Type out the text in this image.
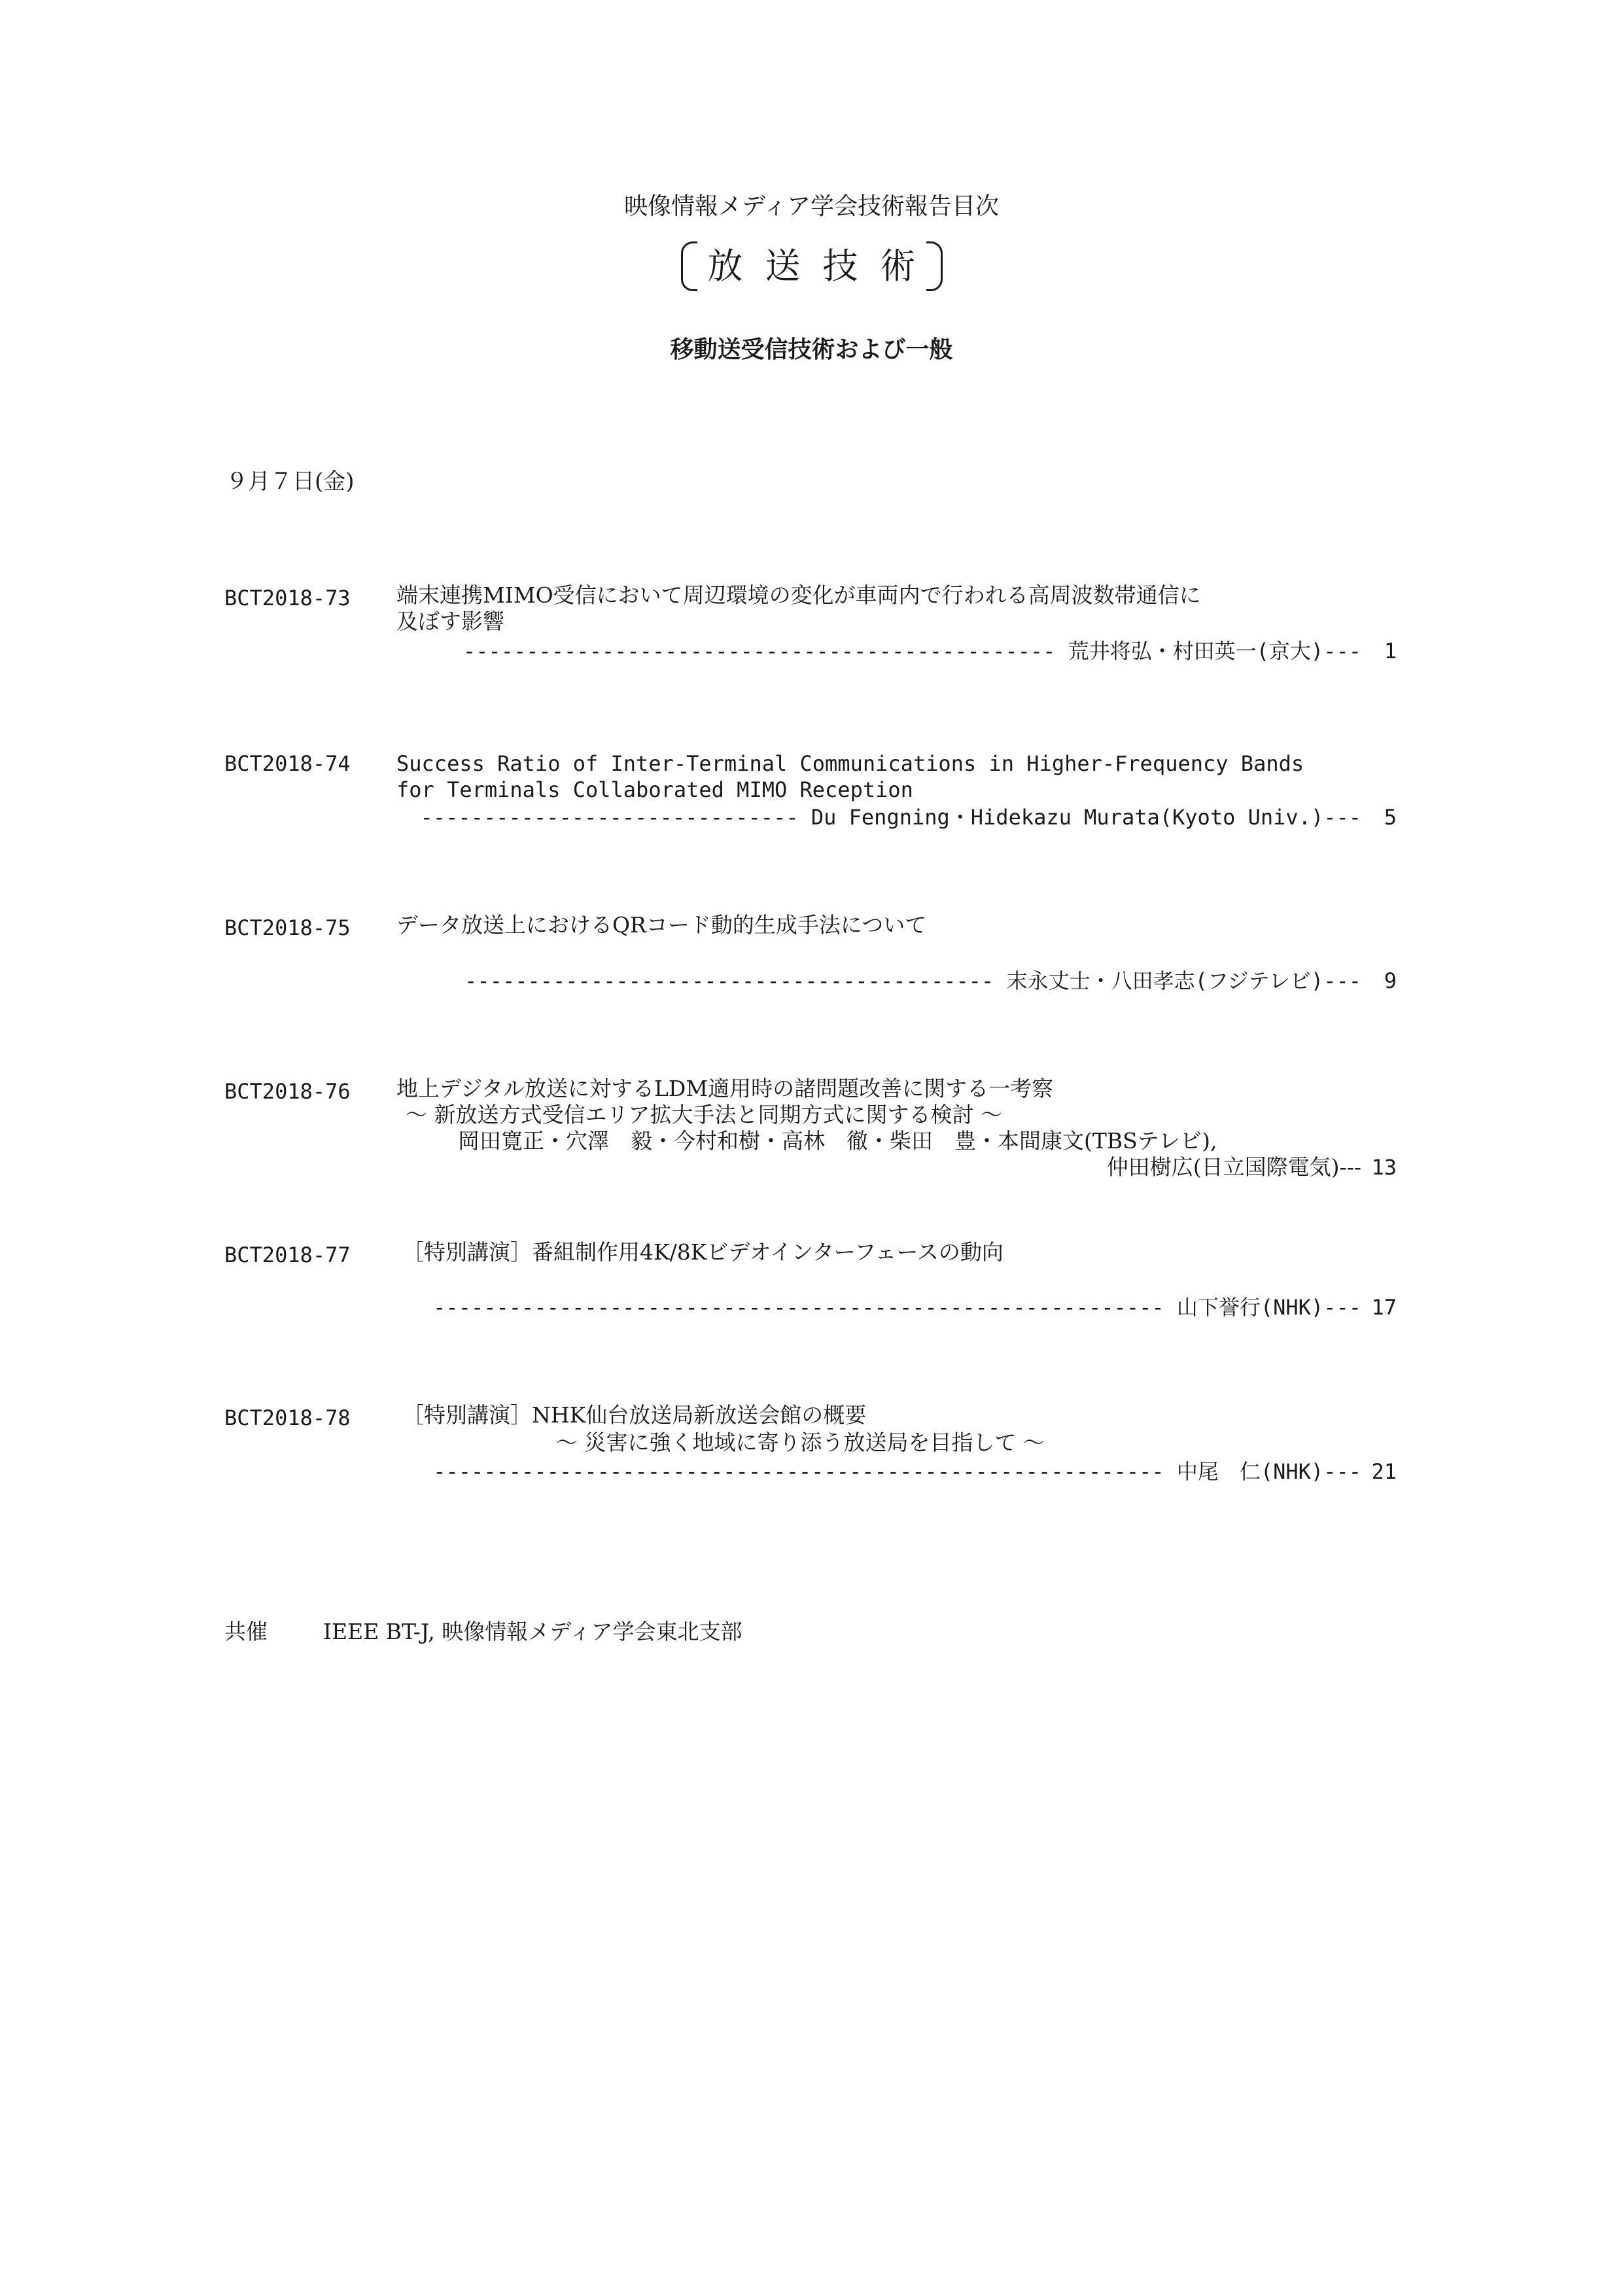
映像情報メディア学会技術報告目次
放送技術
移動送受信技術および一般
９月７日(金)
BCT2018-73 端末連携MIMO受信において周辺環境の変化が車両内で行われる高周波数帯通信に
及ぼす影響
----------------------------------------------- 荒井将弘・村田英一(京大)---	1
BCT2018-74 Success Ratio of Inter-Terminal Communications in Higher-Frequency Bands
for Terminals Collaborated MIMO Reception
------------------------------ Du Fengning・Hidekazu Murata(Kyoto Univ.)---	5
BCT2018-75 データ放送上におけるQRコード動的生成手法について
------------------------------------------ 末永丈士・八田孝志(フジテレビ)---	9
BCT2018-76 地上デジタル放送に対するLDM適用時の諸問題改善に関する一考察
～ 新放送方式受信エリア拡大手法と同期方式に関する検討 ～
岡田寛正・穴澤　毅・今村和樹・高林　徹・柴田　豊・本間康文(TBSテレビ),
仲田樹広(日立国際電気)--- 13
BCT2018-77 ［特別講演］番組制作用4K/8Kビデオインターフェースの動向
---------------------------------------------------------- 山下誉行(NHK)--- 17
BCT2018-78 ［特別講演］NHK仙台放送局新放送会館の概要
～ 災害に強く地域に寄り添う放送局を目指して ～
---------------------------------------------------------- 中尾　仁(NHK)--- 21
共催	IEEE BT-J, 映像情報メディア学会東北支部
